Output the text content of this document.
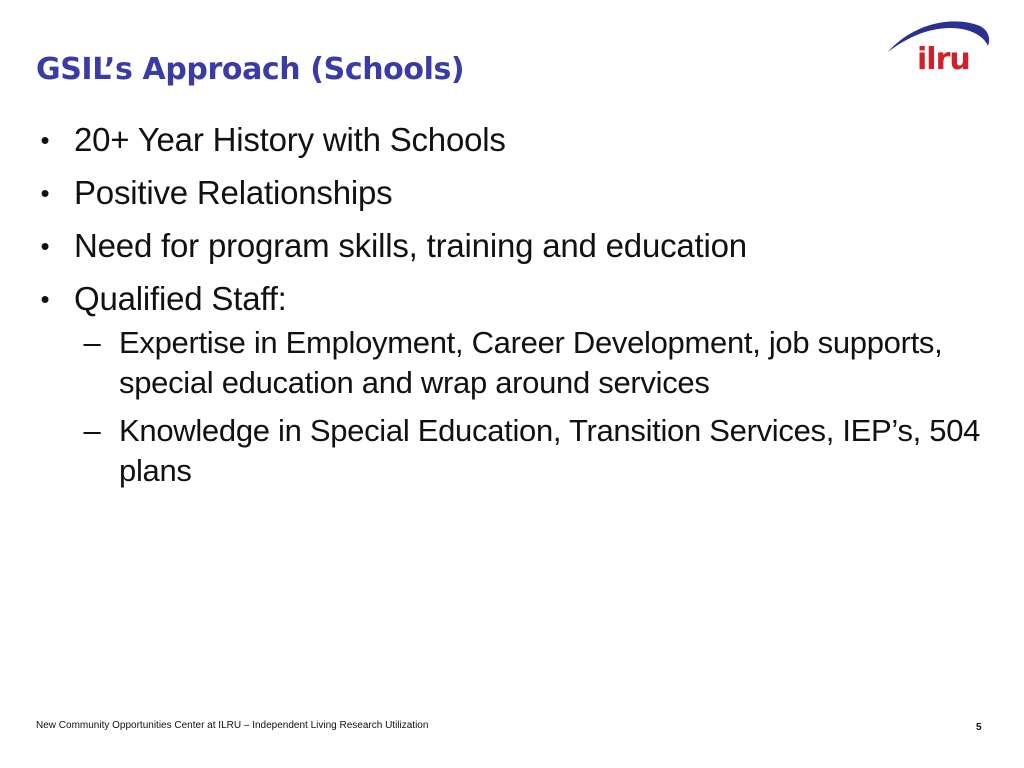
GSIL’s Approach (Schools)	ilru
• 20+ Year History with Schools
• Positive Relationships
• Need for program skills, training and education
• Qualified Staff:
– Expertise in Employment, Career Development, job supports, special education and wrap around services
– Knowledge in Special Education, Transition Services, IEP’s, 504 plans
New Community Opportunities Center at ILRU – Independent Living Research Utilization	5
